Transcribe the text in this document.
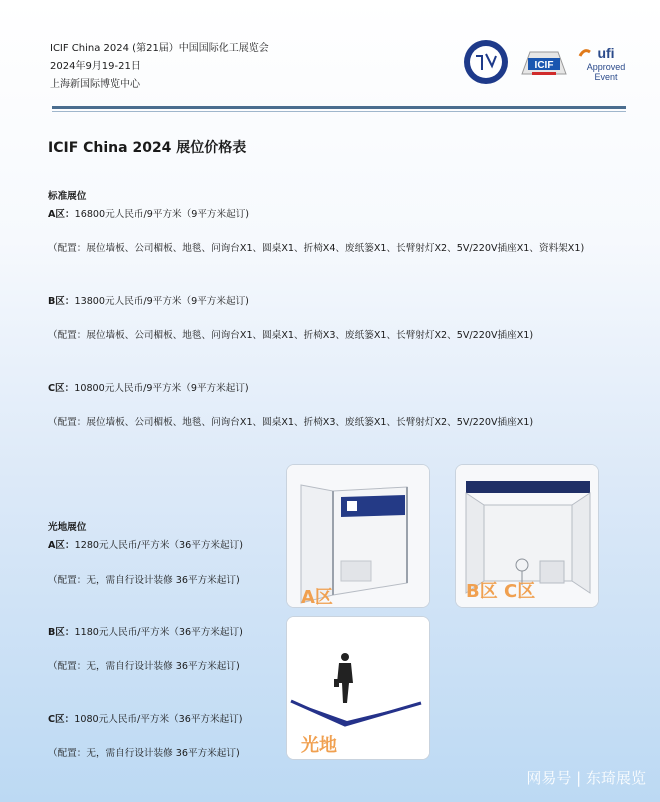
ICIF China 2024 (第21届）中国国际化工展览会
2024年9月19-21日
上海新国际博览中心
ICIF
ufi
Approved
Event
ICIF China 2024 展位价格表
标准展位
A区：16800元人民币/9平方米（9平方米起订)
（配置：展位墙板、公司楣板、地毯、问询台X1、圆桌X1、折椅X4、废纸篓X1、长臂射灯X2、5V/220V插座X1、资料架X1)
B区：13800元人民币/9平方米（9平方米起订)
（配置：展位墙板、公司楣板、地毯、问询台X1、圆桌X1、折椅X3、废纸篓X1、长臂射灯X2、5V/220V插座X1)
C区：10800元人民币/9平方米（9平方米起订)
（配置：展位墙板、公司楣板、地毯、问询台X1、圆桌X1、折椅X3、废纸篓X1、长臂射灯X2、5V/220V插座X1)
光地展位
A区：1280元人民币/平方米（36平方米起订)
（配置：无，需自行设计装修 36平方米起订)
B区：1180元人民币/平方米（36平方米起订)
（配置：无，需自行设计装修 36平方米起订)
C区：1080元人民币/平方米（36平方米起订)
（配置：无，需自行设计装修 36平方米起订)
A区	B区 C区
光地
网易号 | 东琦展览
